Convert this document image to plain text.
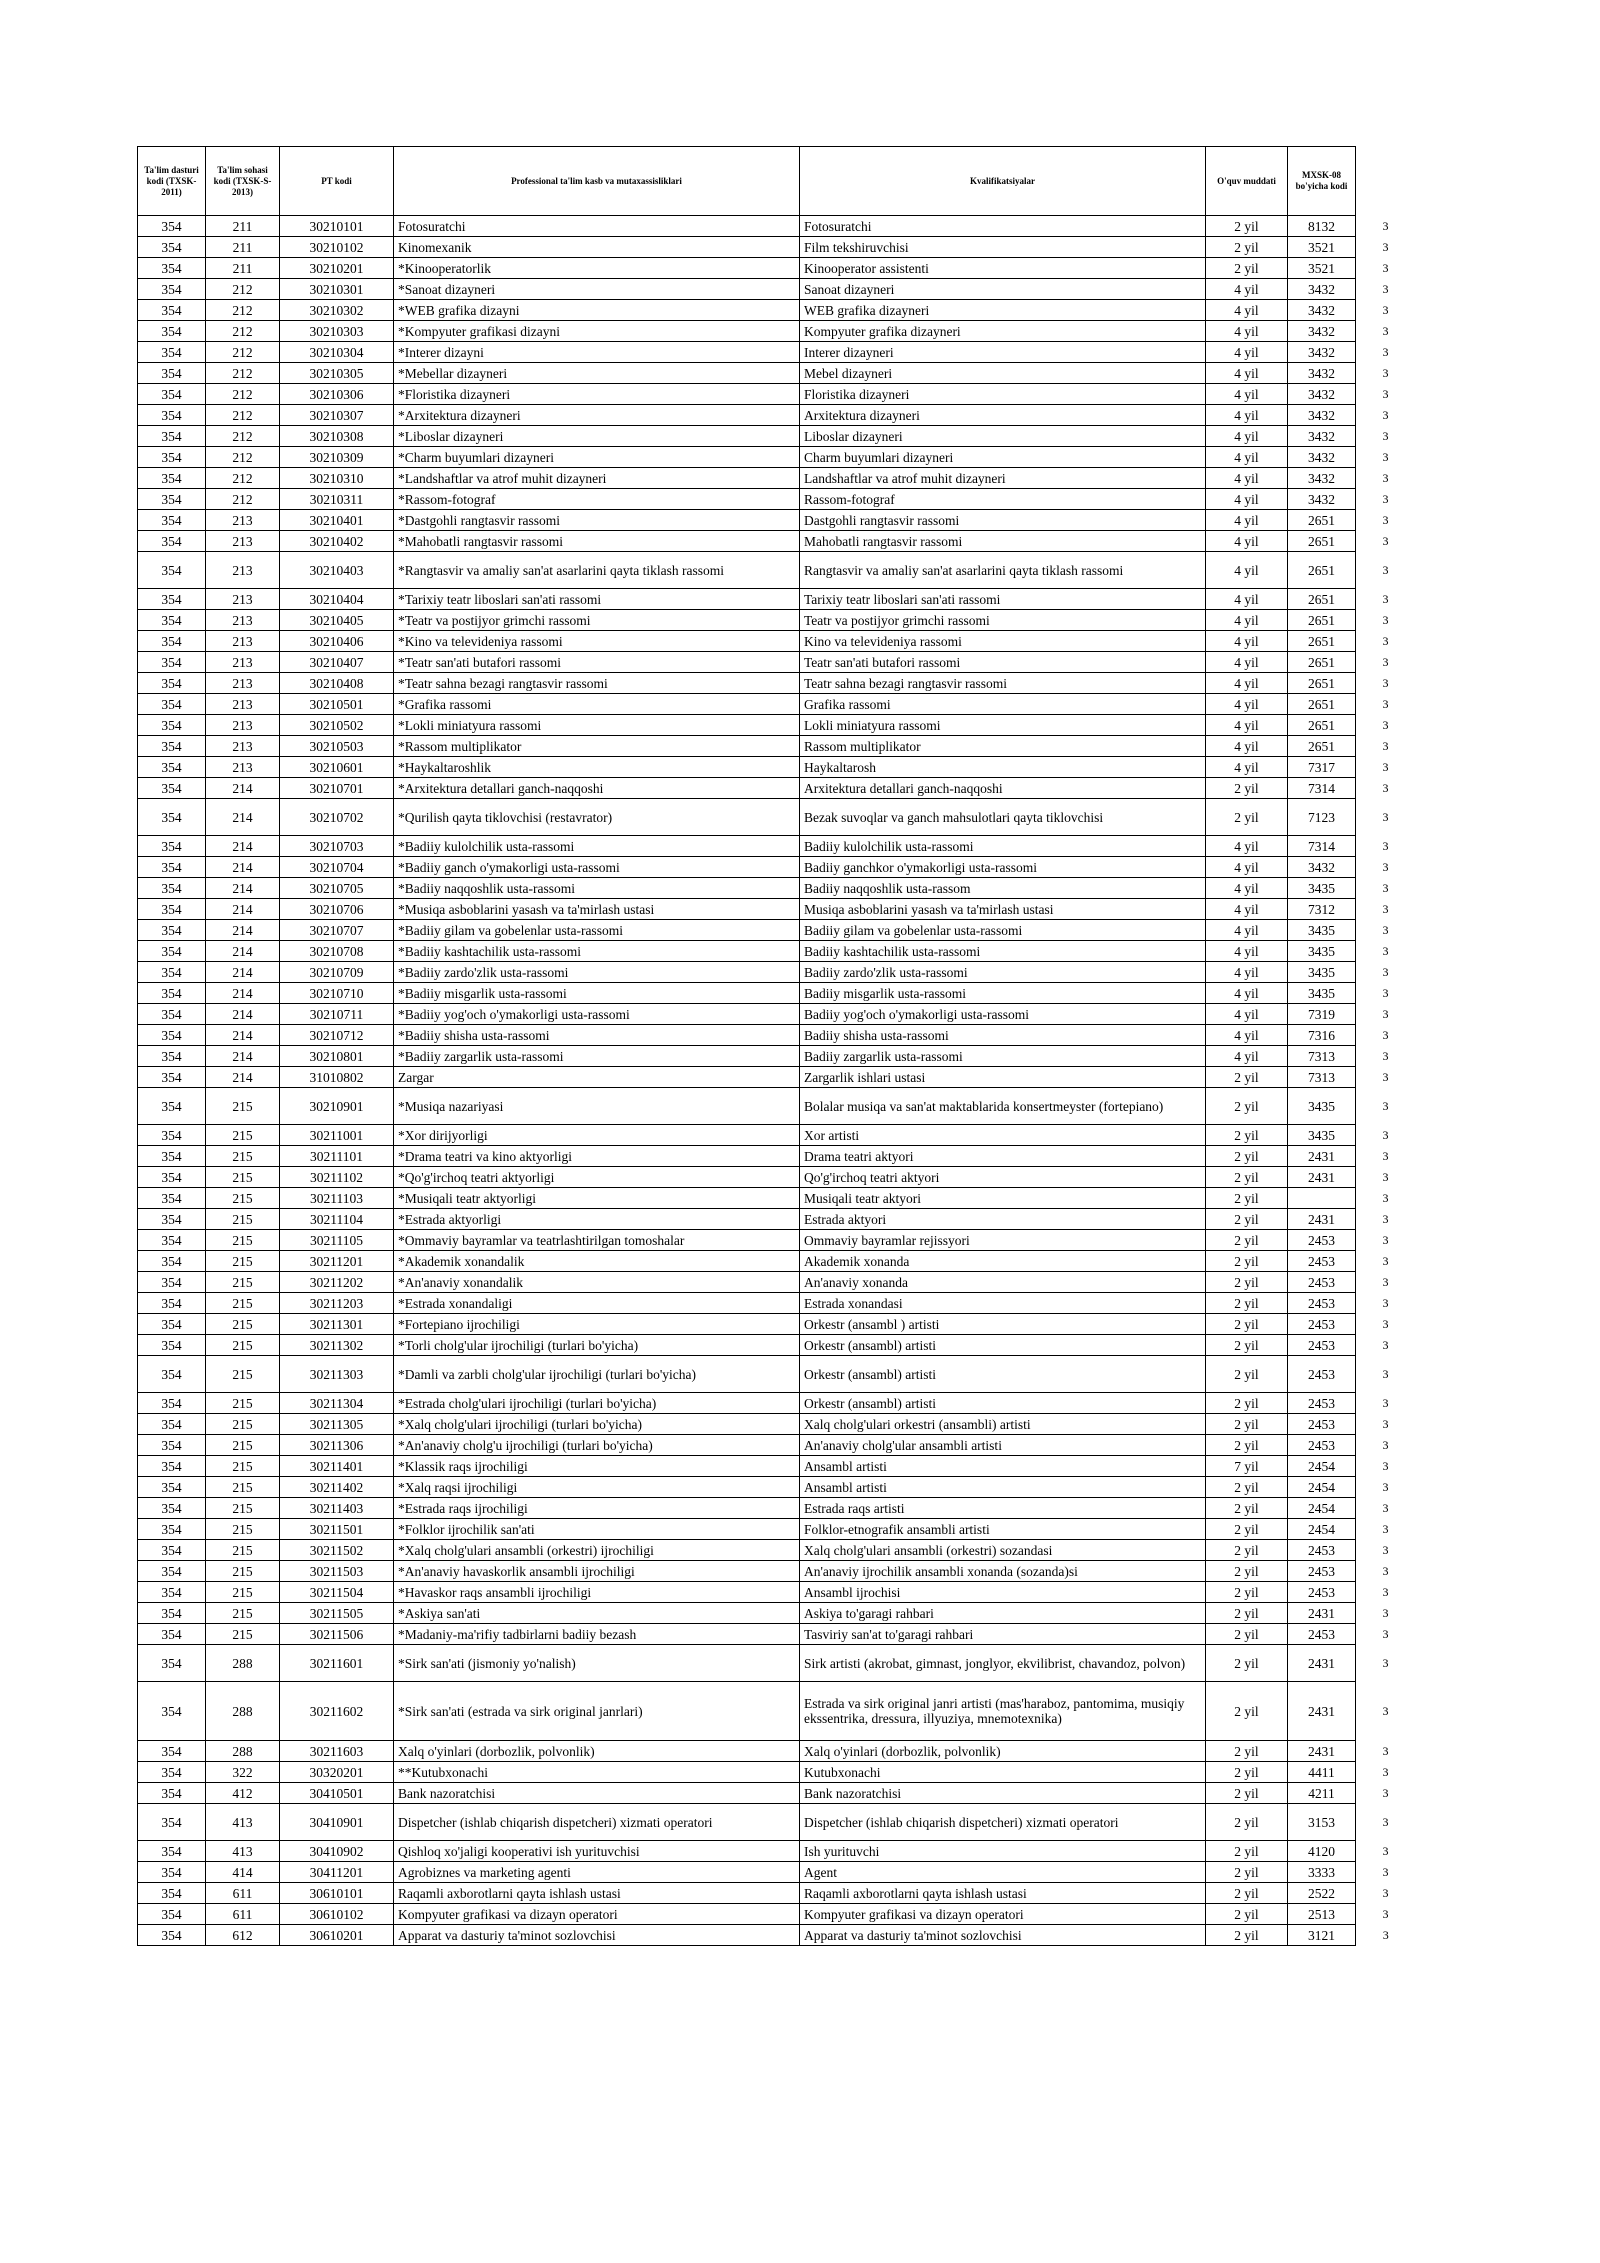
Ta'lim dasturi kodi (TXSK-2011)	Ta'lim sohasi kodi (TXSK-S-2013)	PT kodi	Professional ta'lim kasb va mutaxassisliklari	Kvalifikatsiyalar	O'quv muddati	MXSK-08 bo'yicha kodi	
354	211	30210101	Fotosuratchi	Fotosuratchi	2 yil	8132	3
354	211	30210102	Kinomexanik	Film tekshiruvchisi	2 yil	3521	3
354	211	30210201	*Kinooperatorlik	Kinooperator assistenti	2 yil	3521	3
354	212	30210301	*Sanoat dizayneri	Sanoat dizayneri	4 yil	3432	3
354	212	30210302	*WEB grafika dizayni	WEB grafika dizayneri	4 yil	3432	3
354	212	30210303	*Kompyuter grafikasi dizayni	Kompyuter grafika dizayneri	4 yil	3432	3
354	212	30210304	*Interer dizayni	Interer dizayneri	4 yil	3432	3
354	212	30210305	*Mebellar dizayneri	Mebel dizayneri	4 yil	3432	3
354	212	30210306	*Floristika dizayneri	Floristika dizayneri	4 yil	3432	3
354	212	30210307	*Arxitektura dizayneri	Arxitektura dizayneri	4 yil	3432	3
354	212	30210308	*Liboslar dizayneri	Liboslar dizayneri	4 yil	3432	3
354	212	30210309	*Charm buyumlari dizayneri	Charm buyumlari dizayneri	4 yil	3432	3
354	212	30210310	*Landshaftlar va atrof muhit dizayneri	Landshaftlar va atrof muhit dizayneri	4 yil	3432	3
354	212	30210311	*Rassom-fotograf	Rassom-fotograf	4 yil	3432	3
354	213	30210401	*Dastgohli rangtasvir rassomi	Dastgohli rangtasvir rassomi	4 yil	2651	3
354	213	30210402	*Mahobatli rangtasvir rassomi	Mahobatli rangtasvir rassomi	4 yil	2651	3
354	213	30210403	*Rangtasvir va amaliy san'at asarlarini qayta tiklash rassomi	Rangtasvir va amaliy san'at asarlarini qayta tiklash rassomi	4 yil	2651	3
354	213	30210404	*Tarixiy teatr liboslari san'ati rassomi	Tarixiy teatr liboslari san'ati rassomi	4 yil	2651	3
354	213	30210405	*Teatr va postijyor grimchi rassomi	Teatr va postijyor grimchi rassomi	4 yil	2651	3
354	213	30210406	*Kino va televideniya rassomi	Kino va televideniya rassomi	4 yil	2651	3
354	213	30210407	*Teatr san'ati butafori rassomi	Teatr san'ati butafori rassomi	4 yil	2651	3
354	213	30210408	*Teatr sahna bezagi rangtasvir rassomi	Teatr sahna bezagi rangtasvir rassomi	4 yil	2651	3
354	213	30210501	*Grafika rassomi	Grafika rassomi	4 yil	2651	3
354	213	30210502	*Lokli miniatyura rassomi	Lokli miniatyura rassomi	4 yil	2651	3
354	213	30210503	*Rassom multiplikator	Rassom multiplikator	4 yil	2651	3
354	213	30210601	*Haykaltaroshlik	Haykaltarosh	4 yil	7317	3
354	214	30210701	*Arxitektura detallari ganch-naqqoshi	Arxitektura detallari ganch-naqqoshi	2 yil	7314	3
354	214	30210702	*Qurilish qayta tiklovchisi (restavrator)	Bezak suvoqlar va ganch mahsulotlari qayta tiklovchisi	2 yil	7123	3
354	214	30210703	*Badiiy kulolchilik usta-rassomi	Badiiy kulolchilik usta-rassomi	4 yil	7314	3
354	214	30210704	*Badiiy ganch o'ymakorligi usta-rassomi	Badiiy ganchkor o'ymakorligi usta-rassomi	4 yil	3432	3
354	214	30210705	*Badiiy naqqoshlik usta-rassomi	Badiiy naqqoshlik usta-rassom	4 yil	3435	3
354	214	30210706	*Musiqa asboblarini yasash va ta'mirlash ustasi	Musiqa asboblarini yasash va ta'mirlash ustasi	4 yil	7312	3
354	214	30210707	*Badiiy gilam va gobelenlar usta-rassomi	Badiiy gilam va gobelenlar usta-rassomi	4 yil	3435	3
354	214	30210708	*Badiiy kashtachilik usta-rassomi	Badiiy kashtachilik usta-rassomi	4 yil	3435	3
354	214	30210709	*Badiiy zardo'zlik usta-rassomi	Badiiy zardo'zlik usta-rassomi	4 yil	3435	3
354	214	30210710	*Badiiy misgarlik usta-rassomi	Badiiy misgarlik usta-rassomi	4 yil	3435	3
354	214	30210711	*Badiiy yog'och o'ymakorligi usta-rassomi	Badiiy yog'och o'ymakorligi usta-rassomi	4 yil	7319	3
354	214	30210712	*Badiiy shisha usta-rassomi	Badiiy shisha usta-rassomi	4 yil	7316	3
354	214	30210801	*Badiiy zargarlik usta-rassomi	Badiiy zargarlik usta-rassomi	4 yil	7313	3
354	214	31010802	Zargar	Zargarlik ishlari ustasi	2 yil	7313	3
354	215	30210901	*Musiqa nazariyasi	Bolalar musiqa va san'at maktablarida konsertmeyster (fortepiano)	2 yil	3435	3
354	215	30211001	*Xor dirijyorligi	Xor artisti	2 yil	3435	3
354	215	30211101	*Drama teatri va kino aktyorligi	Drama teatri aktyori	2 yil	2431	3
354	215	30211102	*Qo'g'irchoq teatri aktyorligi	Qo'g'irchoq teatri aktyori	2 yil	2431	3
354	215	30211103	*Musiqali teatr aktyorligi	Musiqali teatr aktyori	2 yil		3
354	215	30211104	*Estrada aktyorligi	Estrada aktyori	2 yil	2431	3
354	215	30211105	*Ommaviy bayramlar va teatrlashtirilgan tomoshalar	Ommaviy bayramlar rejissyori	2 yil	2453	3
354	215	30211201	*Akademik xonandalik	Akademik xonanda	2 yil	2453	3
354	215	30211202	*An'anaviy xonandalik	An'anaviy xonanda	2 yil	2453	3
354	215	30211203	*Estrada xonandaligi	Estrada xonandasi	2 yil	2453	3
354	215	30211301	*Fortepiano ijrochiligi	Orkestr (ansambl ) artisti	2 yil	2453	3
354	215	30211302	*Torli cholg'ular ijrochiligi (turlari bo'yicha)	Orkestr (ansambl) artisti	2 yil	2453	3
354	215	30211303	*Damli va zarbli cholg'ular ijrochiligi (turlari bo'yicha)	Orkestr (ansambl) artisti	2 yil	2453	3
354	215	30211304	*Estrada cholg'ulari ijrochiligi (turlari bo'yicha)	Orkestr (ansambl) artisti	2 yil	2453	3
354	215	30211305	*Xalq cholg'ulari ijrochiligi (turlari bo'yicha)	Xalq cholg'ulari orkestri (ansambli) artisti	2 yil	2453	3
354	215	30211306	*An'anaviy cholg'u ijrochiligi (turlari bo'yicha)	An'anaviy cholg'ular ansambli artisti	2 yil	2453	3
354	215	30211401	*Klassik raqs ijrochiligi	Ansambl artisti	7 yil	2454	3
354	215	30211402	*Xalq raqsi ijrochiligi	Ansambl artisti	2 yil	2454	3
354	215	30211403	*Estrada raqs ijrochiligi	Estrada raqs artisti	2 yil	2454	3
354	215	30211501	*Folklor ijrochilik san'ati	Folklor-etnografik ansambli artisti	2 yil	2454	3
354	215	30211502	*Xalq cholg'ulari ansambli (orkestri) ijrochiligi	Xalq cholg'ulari ansambli (orkestri) sozandasi	2 yil	2453	3
354	215	30211503	*An'anaviy havaskorlik ansambli ijrochiligi	An'anaviy ijrochilik ansambli xonanda (sozanda)si	2 yil	2453	3
354	215	30211504	*Havaskor raqs ansambli ijrochiligi	Ansambl ijrochisi	2 yil	2453	3
354	215	30211505	*Askiya san'ati	Askiya to'garagi rahbari	2 yil	2431	3
354	215	30211506	*Madaniy-ma'rifiy tadbirlarni badiiy bezash	Tasviriy san'at to'garagi rahbari	2 yil	2453	3
354	288	30211601	*Sirk san'ati (jismoniy yo'nalish)	Sirk artisti (akrobat, gimnast, jonglyor, ekvilibrist, chavandoz, polvon)	2 yil	2431	3
354	288	30211602	*Sirk san'ati (estrada va sirk original janrlari)	Estrada va sirk original janri artisti (mas'haraboz, pantomima, musiqiy ekssentrika, dressura, illyuziya, mnemotexnika)	2 yil	2431	3
354	288	30211603	Xalq o'yinlari (dorbozlik, polvonlik)	Xalq o'yinlari (dorbozlik, polvonlik)	2 yil	2431	3
354	322	30320201	**Kutubxonachi	Kutubxonachi	2 yil	4411	3
354	412	30410501	Bank nazoratchisi	Bank nazoratchisi	2 yil	4211	3
354	413	30410901	Dispetcher (ishlab chiqarish dispetcheri) xizmati operatori	Dispetcher (ishlab chiqarish dispetcheri) xizmati operatori	2 yil	3153	3
354	413	30410902	Qishloq xo'jaligi kooperativi ish yurituvchisi	Ish yurituvchi	2 yil	4120	3
354	414	30411201	Agrobiznes va marketing agenti	Agent	2 yil	3333	3
354	611	30610101	Raqamli axborotlarni qayta ishlash ustasi	Raqamli axborotlarni qayta ishlash ustasi	2 yil	2522	3
354	611	30610102	Kompyuter grafikasi va dizayn operatori	Kompyuter grafikasi va dizayn operatori	2 yil	2513	3
354	612	30610201	Apparat va dasturiy ta'minot sozlovchisi	Apparat va dasturiy ta'minot sozlovchisi	2 yil	3121	3
